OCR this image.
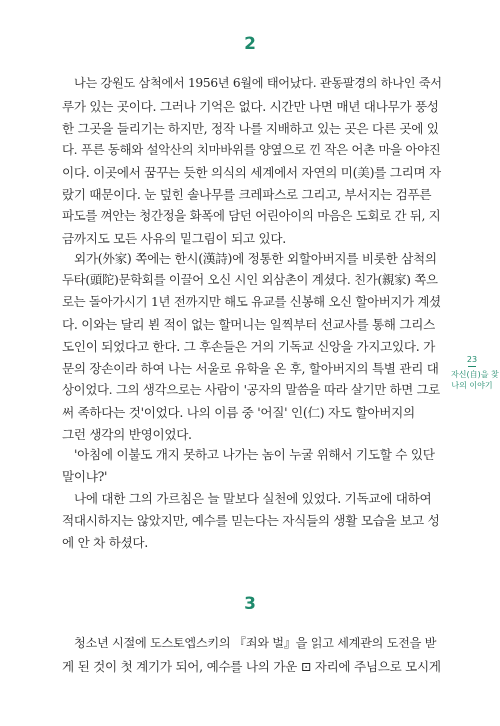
2
나는 강원도 삼척에서 1956년 6월에 태어났다. 관동팔경의 하나인 죽서
루가 있는 곳이다. 그러나 기억은 없다. 시간만 나면 매년 대나무가 풍성
한 그곳을 들리기는 하지만, 정작 나를 지배하고 있는 곳은 다른 곳에 있
다. 푸른 동해와 설악산의 치마바위를 양옆으로 낀 작은 어촌 마을 아야진
이다. 이곳에서 꿈꾸는 듯한 의식의 세계에서 자연의 미(美)를 그리며 자
랐기 때문이다. 눈 덮힌 솔나무를 크레파스로 그리고, 부서지는 검푸른
파도를 껴안는 청간정을 화폭에 담던 어린아이의 마음은 도회로 간 뒤, 지
금까지도 모든 사유의 밑그림이 되고 있다.
외가(外家) 쪽에는 한시(漢詩)에 정통한 외할아버지를 비롯한 삼척의
두타(頭陀)문학회를 이끌어 오신 시인 외삼촌이 계셨다. 친가(親家) 쪽으
로는 돌아가시기 1년 전까지만 해도 유교를 신봉해 오신 할아버지가 계셨
다. 이와는 달리 뵌 적이 없는 할머니는 일찍부터 선교사를 통해 그리스
도인이 되었다고 한다. 그 후손들은 거의 기독교 신앙을 가지고있다. 가
문의 장손이라 하여 나는 서울로 유학을 온 후, 할아버지의 특별 관리 대
상이었다. 그의 생각으로는 사람이 '공자의 말씀을 따라 살기만 하면 그로
써 족하다는 것'이었다. 나의 이름 중 '어질' 인(仁) 자도 할아버지의
그런 생각의 반영이었다.
'아침에 이불도 개지 못하고 나가는 놈이 누굴 위해서 기도할 수 있단
말이냐?'
나에 대한 그의 가르침은 늘 말보다 실천에 있었다. 기독교에 대하여
적대시하지는 않았지만, 예수를 믿는다는 자식들의 생활 모습을 보고 성
에 안 차 하셨다.
3
청소년 시절에 도스토엡스키의 『죄와 벌』을 읽고 세계관의 도전을 받
게 된 것이 첫 계기가 되어, 예수를 나의 가운 ⊡ 자리에 주님으로 모시게
23
자신(自)을 찾
나의 이야기
